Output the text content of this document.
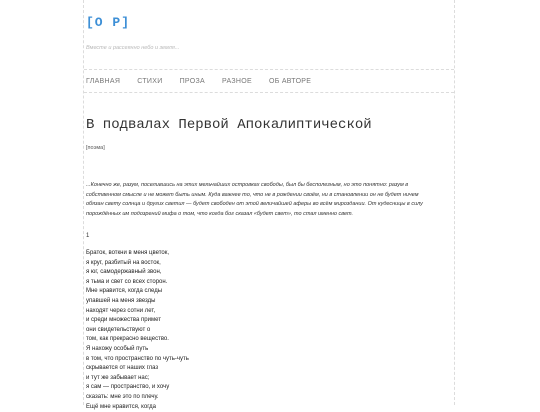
[O P]
Вместе и рассеянно небо и земля...
ГЛАВНАЯ СТИХИ ПРОЗА РАЗНОЕ ОБ АВТОРЕ
В подвалах Первой Апокалиптической
[поэма]
...Конечно же, разум, поселившись на этих мельчайших островках свободы, был бы бесполезным, но это понятно: разум в собственном смысле и не может быть иным. Куда важнее то, что не в рождении своём, ни в становлении он не будет ничем обязан свету солнца и других светил — будет свободен от этой величайшей аферы во всём мироздании. От кудесницы в силу порождённых им подозрений мифа о том, что когда бог сказал «будет свет», то стал именно свет.
1
Браток, воткни в меня цветок,
я круг, разбитый на восток,
я юг, самодержавный звон,
я тьма и свет со всех сторон.
Мне нравится, когда следы
упавшей на меня звезды
находят через сотни лет,
и среди множества примет
они свидетельствуют о
том, как прекрасно вещество.
Я нахожу особый путь
в том, что пространство по чуть-чуть
скрывается от наших глаз
и тут же забывает нас;
я сам — пространство, и хочу
сказать: мне это по плечу.
Ещё мне нравится, когда
